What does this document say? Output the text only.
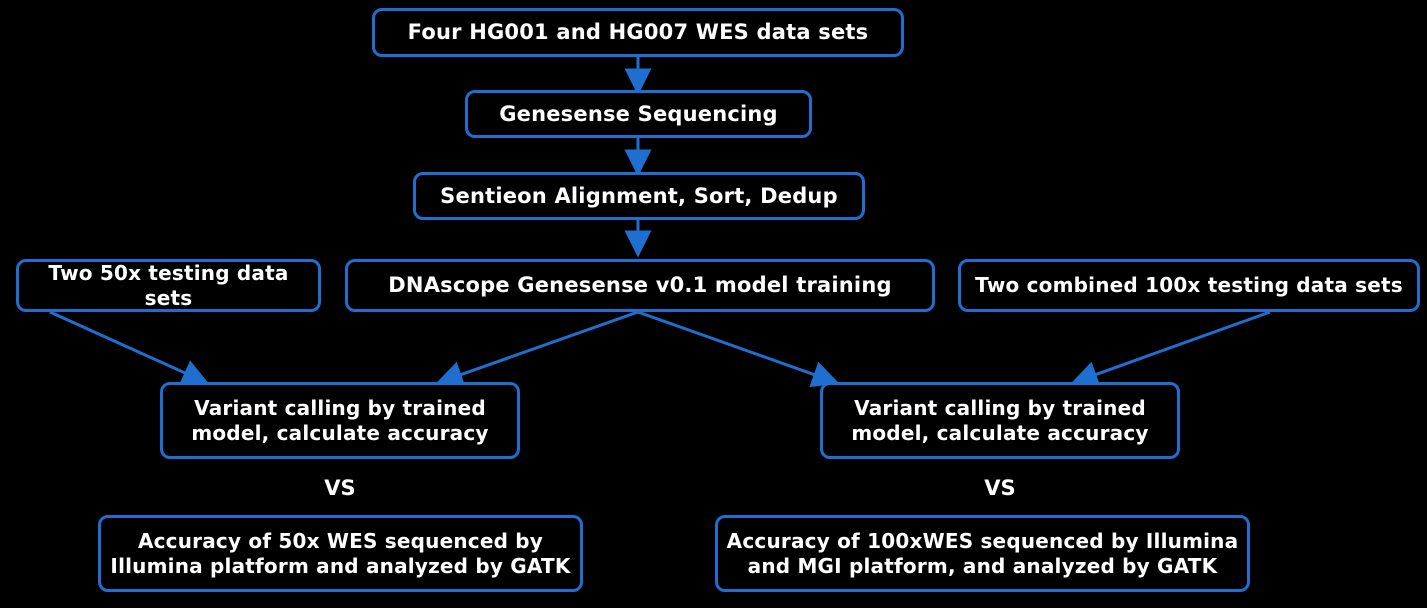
Four HG001 and HG007 WES data sets
Genesense Sequencing
Sentieon Alignment, Sort, Dedup
Two 50x testing data sets
DNAscope Genesense v0.1 model training	Two combined 100x testing data sets
Variant calling by trained model, calculate accuracy
Variant calling by trained model, calculate accuracy
VS	VS
Accuracy of 50x WES sequenced by Illumina platform and analyzed by GATK
Accuracy of 100xWES sequenced by Illumina and MGI platform, and analyzed by GATK
